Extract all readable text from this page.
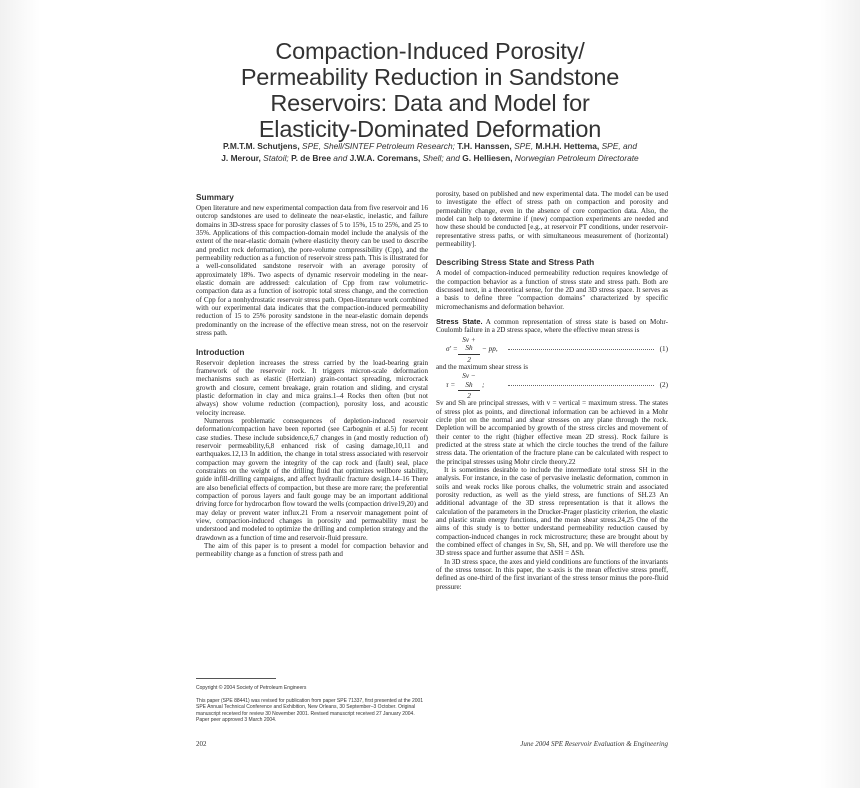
Compaction-Induced Porosity/
Permeability Reduction in Sandstone
Reservoirs: Data and Model for
Elasticity-Dominated Deformation
P.M.T.M. Schutjens, SPE, Shell/SINTEF Petroleum Research; T.H. Hanssen, SPE, M.H.H. Hettema, SPE, and
J. Merour, Statoil; P. de Bree and J.W.A. Coremans, Shell; and G. Helliesen, Norwegian Petroleum Directorate
Summary

Open literature and new experimental compaction data from five reservoir and 16 outcrop sandstones are used to delineate the near-elastic, inelastic, and failure domains in 3D-stress space for porosity classes of 5 to 15%, 15 to 25%, and 25 to 35%. Applications of this compaction-domain model include the analysis of the extent of the near-elastic domain (where elasticity theory can be used to describe and predict rock deformation), the pore-volume compressibility (Cpp), and the permeability reduction as a function of reservoir stress path. This is illustrated for a well-consolidated sandstone reservoir with an average porosity of approximately 18%. Two aspects of dynamic reservoir modeling in the near-elastic domain are addressed: calculation of Cpp from raw volumetric-compaction data as a function of isotropic total stress change, and the correction of Cpp for a nonhydrostatic reservoir stress path. Open-literature work combined with our experimental data indicates that the compaction-induced permeability reduction of 15 to 25% porosity sandstone in the near-elastic domain depends predominantly on the increase of the effective mean stress, not on the reservoir stress path.

Introduction

Reservoir depletion increases the stress carried by the load-bearing grain framework of the reservoir rock. It triggers micron-scale deformation mechanisms such as elastic (Hertzian) grain-contact spreading, microcrack growth and closure, cement breakage, grain rotation and sliding, and crystal plastic deformation in clay and mica grains.1–4 Rocks then often (but not always) show volume reduction (compaction), porosity loss, and acoustic velocity increase.

Numerous problematic consequences of depletion-induced reservoir deformation/compaction have been reported (see Carbognin et al.5) for recent case studies. These include subsidence,6,7 changes in (and mostly reduction of) reservoir permeability,6,8 enhanced risk of casing damage,10,11 and earthquakes.12,13 In addition, the change in total stress associated with reservoir compaction may govern the integrity of the cap rock and (fault) seal, place constraints on the weight of the drilling fluid that optimizes wellbore stability, guide infill-drilling campaigns, and affect hydraulic fracture design.14–16 There are also beneficial effects of compaction, but these are more rare; the preferential compaction of porous layers and fault gouge may be an important additional driving force for hydrocarbon flow toward the wells (compaction drive19,20) and may delay or prevent water influx.21 From a reservoir management point of view, compaction-induced changes in porosity and permeability must be understood and modeled to optimize the drilling and completion strategy and the drawdown as a function of time and reservoir-fluid pressure.

The aim of this paper is to present a model for compaction behavior and permeability change as a function of stress path and

porosity, based on published and new experimental data. The model can be used to investigate the effect of stress path on compaction and porosity and permeability change, even in the absence of core compaction data. Also, the model can help to determine if (new) compaction experiments are needed and how these should be conducted [e.g., at reservoir PT conditions, under reservoir-representative stress paths, or with simultaneous measurement of (horizontal) permeability].

Describing Stress State and Stress Path

A model of compaction-induced permeability reduction requires knowledge of the compaction behavior as a function of stress state and stress path. Both are discussed next, in a theoretical sense, for the 2D and 3D stress space. It serves as a basis to define three "compaction domains" characterized by specific micromechanisms and deformation behavior.

Stress State. A common representation of stress state is based on Mohr-Coulomb failure in a 2D stress space, where the effective mean stress is

$\sigma' = \frac{Sv + Sh}{2}$ − pp,	(1)

and the maximum shear stress is

$\tau = \frac{Sv - Sh}{2}$ ;	(2)

Sv and Sh are principal stresses, with v = vertical = maximum stress. The states of stress plot as points, and directional information can be achieved in a Mohr circle plot on the normal and shear stresses on any plane through the rock. Depletion will be accompanied by growth of the stress circles and movement of their center to the right (higher effective mean 2D stress). Rock failure is predicted at the stress state at which the circle touches the trend of the failure stress data. The orientation of the fracture plane can be calculated with respect to the principal stresses using Mohr circle theory.22

It is sometimes desirable to include the intermediate total stress SH in the analysis. For instance, in the case of pervasive inelastic deformation, common in soils and weak rocks like porous chalks, the volumetric strain and associated porosity reduction, as well as the yield stress, are functions of SH.23 An additional advantage of the 3D stress representation is that it allows the calculation of the parameters in the Drucker-Prager plasticity criterion, the elastic and plastic strain energy functions, and the mean shear stress.24,25 One of the aims of this study is to better understand permeability reduction caused by compaction-induced changes in rock microstructure; these are brought about by the combined effect of changes in Sv, Sh, SH, and pp. We will therefore use the 3D stress space and further assume that ΔSH = ΔSh.

In 3D stress space, the axes and yield conditions are functions of the invariants of the stress tensor. In this paper, the x-axis is the mean effective stress pmeff, defined as one-third of the first invariant of the stress tensor minus the pore-fluid pressure:

Copyright © 2004 Society of Petroleum Engineers
This paper (SPE 88441) was revised for publication from paper SPE 71337, first presented at the 2001 SPE Annual Technical Conference and Exhibition, New Orleans, 30 September–3 October. Original manuscript received for review 30 November 2001. Revised manuscript received 27 January 2004. Paper peer approved 3 March 2004.
202	June 2004 SPE Reservoir Evaluation & Engineering
